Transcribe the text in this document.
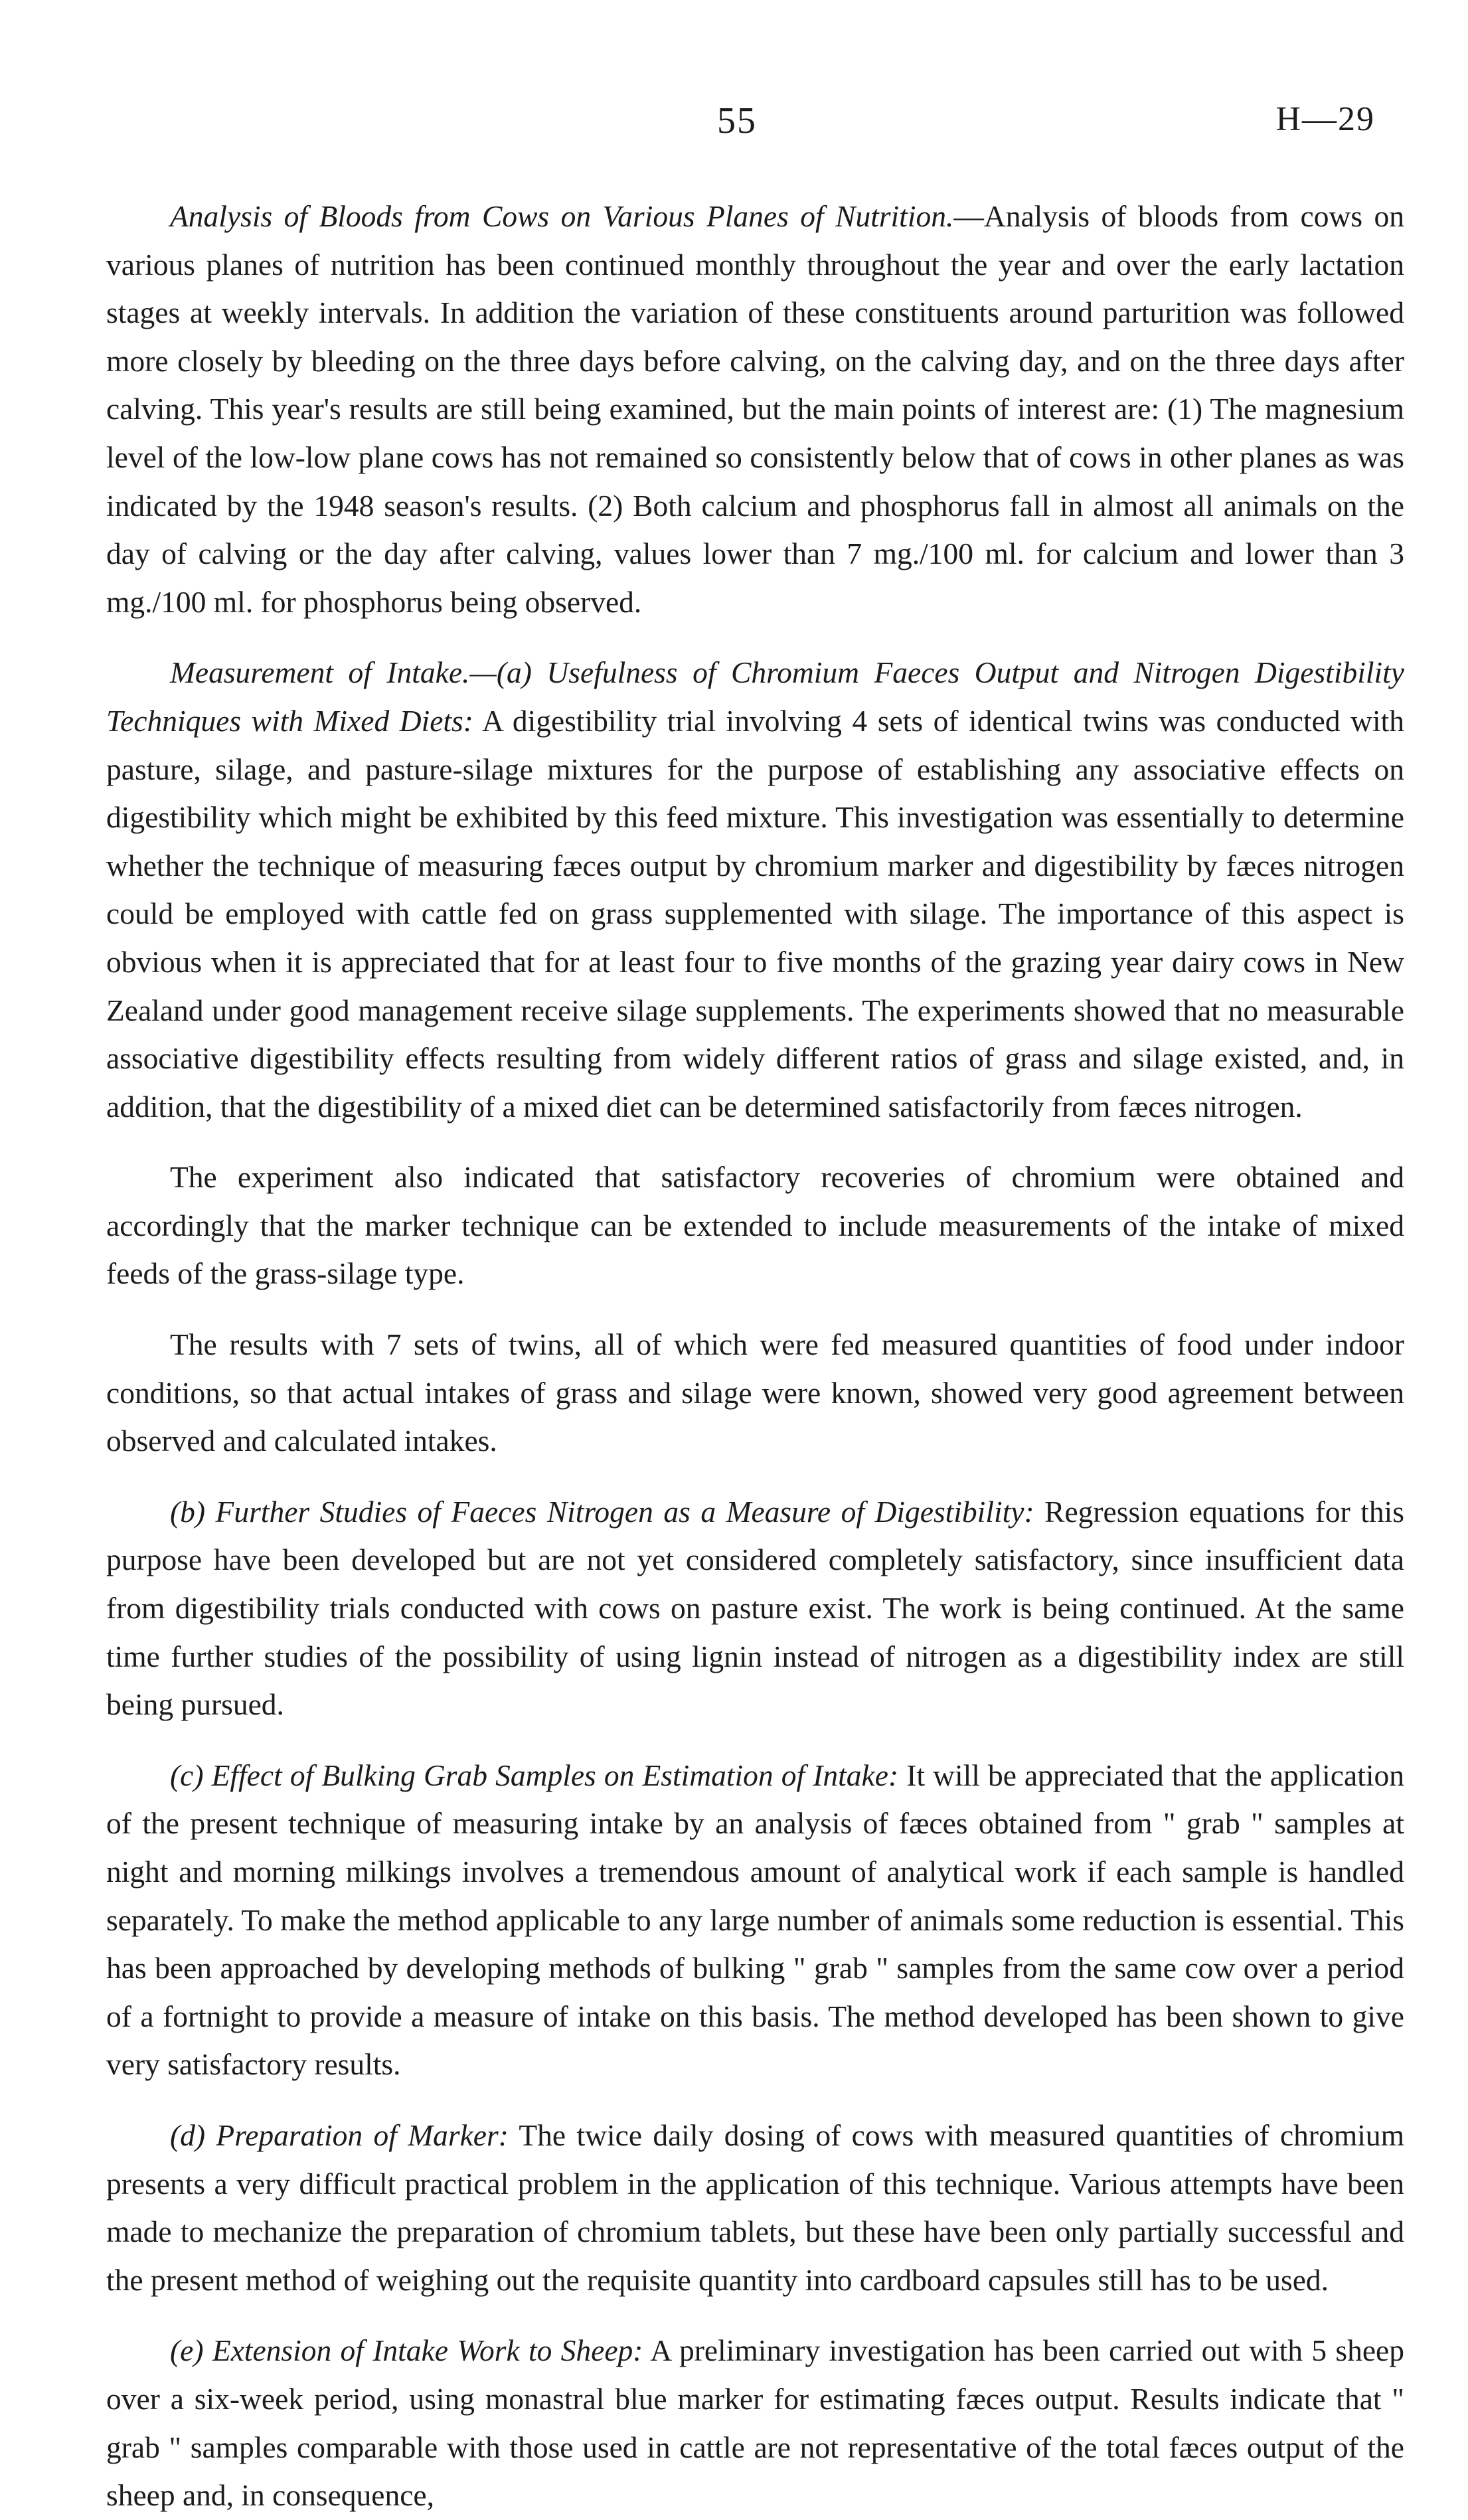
55	H—29

Analysis of Bloods from Cows on Various Planes of Nutrition.—Analysis of bloods from cows on various planes of nutrition has been continued monthly throughout the year and over the early lactation stages at weekly intervals. In addition the variation of these constituents around parturition was followed more closely by bleeding on the three days before calving, on the calving day, and on the three days after calving. This year's results are still being examined, but the main points of interest are: (1) The magnesium level of the low-low plane cows has not remained so consistently below that of cows in other planes as was indicated by the 1948 season's results. (2) Both calcium and phosphorus fall in almost all animals on the day of calving or the day after calving, values lower than 7 mg./100 ml. for calcium and lower than 3 mg./100 ml. for phosphorus being observed.

Measurement of Intake.—(a) Usefulness of Chromium Faeces Output and Nitrogen Digestibility Techniques with Mixed Diets: A digestibility trial involving 4 sets of identical twins was conducted with pasture, silage, and pasture-silage mixtures for the purpose of establishing any associative effects on digestibility which might be exhibited by this feed mixture. This investigation was essentially to determine whether the technique of measuring fæces output by chromium marker and digestibility by fæces nitrogen could be employed with cattle fed on grass supplemented with silage. The importance of this aspect is obvious when it is appreciated that for at least four to five months of the grazing year dairy cows in New Zealand under good management receive silage supplements. The experiments showed that no measurable associative digestibility effects resulting from widely different ratios of grass and silage existed, and, in addition, that the digestibility of a mixed diet can be determined satisfactorily from fæces nitrogen.

The experiment also indicated that satisfactory recoveries of chromium were obtained and accordingly that the marker technique can be extended to include measurements of the intake of mixed feeds of the grass-silage type.

The results with 7 sets of twins, all of which were fed measured quantities of food under indoor conditions, so that actual intakes of grass and silage were known, showed very good agreement between observed and calculated intakes.

(b) Further Studies of Faeces Nitrogen as a Measure of Digestibility: Regression equations for this purpose have been developed but are not yet considered completely satisfactory, since insufficient data from digestibility trials conducted with cows on pasture exist. The work is being continued. At the same time further studies of the possibility of using lignin instead of nitrogen as a digestibility index are still being pursued.

(c) Effect of Bulking Grab Samples on Estimation of Intake: It will be appreciated that the application of the present technique of measuring intake by an analysis of fæces obtained from " grab " samples at night and morning milkings involves a tremendous amount of analytical work if each sample is handled separately. To make the method applicable to any large number of animals some reduction is essential. This has been approached by developing methods of bulking " grab " samples from the same cow over a period of a fortnight to provide a measure of intake on this basis. The method developed has been shown to give very satisfactory results.

(d) Preparation of Marker: The twice daily dosing of cows with measured quantities of chromium presents a very difficult practical problem in the application of this technique. Various attempts have been made to mechanize the preparation of chromium tablets, but these have been only partially successful and the present method of weighing out the requisite quantity into cardboard capsules still has to be used.

(e) Extension of Intake Work to Sheep: A preliminary investigation has been carried out with 5 sheep over a six-week period, using monastral blue marker for estimating fæces output. Results indicate that " grab " samples comparable with those used in cattle are not representative of the total fæces output of the sheep and, in consequence,
